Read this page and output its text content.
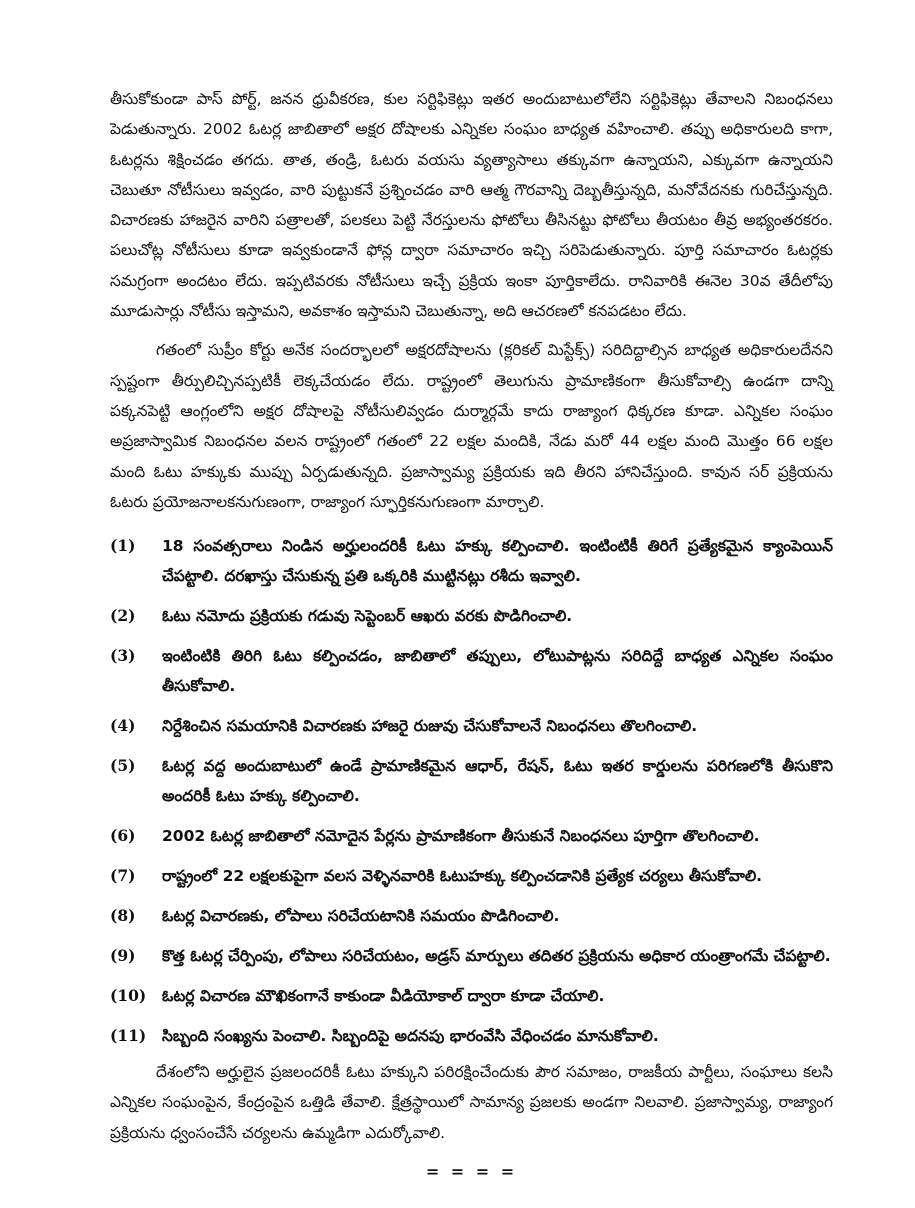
తీసుకోకుండా పాస్ పోర్ట్, జనన ధ్రువీకరణ, కుల సర్టిఫికెట్లు ఇతర అందుబాటులోలేని సర్టిఫికెట్లు తేవాలని నిబంధనలు పెడుతున్నారు. 2002 ఓటర్ల జాబితాలో అక్షర దోషాలకు ఎన్నికల సంఘం బాధ్యత వహించాలి. తప్పు అధికారులది కాగా, ఓటర్లను శిక్షించడం తగదు. తాత, తండ్రి, ఓటరు వయసు వ్యత్యాసాలు తక్కువగా ఉన్నాయని, ఎక్కువగా ఉన్నాయని చెబుతూ నోటీసులు ఇవ్వడం, వారి పుట్టుకనే ప్రశ్నించడం వారి ఆత్మ గౌరవాన్ని దెబ్బతీస్తున్నది, మనోవేదనకు గురిచేస్తున్నది. విచారణకు హాజరైన వారిని పత్రాలతో, పలకలు పెట్టి నేరస్తులను ఫోటోలు తీసినట్టు ఫోటోలు తీయటం తీవ్ర అభ్యంతరకరం. పలుచోట్ల నోటీసులు కూడా ఇవ్వకుండానే ఫోన్ల ద్వారా సమాచారం ఇచ్చి సరిపెడుతున్నారు. పూర్తి సమాచారం ఓటర్లకు సమగ్రంగా అందటం లేదు. ఇప్పటివరకు నోటీసులు ఇచ్చే ప్రక్రియ ఇంకా పూర్తికాలేదు. రానివారికి ఈనెల 30వ తేదీలోపు మూడుసార్లు నోటీసు ఇస్తామని, అవకాశం ఇస్తామని చెబుతున్నా, అది ఆచరణలో కనపడటం లేదు.

గతంలో సుప్రీం కోర్టు అనేక సందర్భాలలో అక్షరదోషాలను (క్లరికల్ మిస్టేక్స్) సరిదిద్దాల్సిన బాధ్యత అధికారులదేనని స్పష్టంగా తీర్పులిచ్చినప్పటికీ లెక్కచేయడం లేదు. రాష్ట్రంలో తెలుగును ప్రామాణికంగా తీసుకోవాల్సి ఉండగా దాన్ని పక్కనపెట్టి ఆంగ్లంలోని అక్షర దోషాలపై నోటీసులివ్వడం దుర్మార్గమే కాదు రాజ్యాంగ ధిక్కరణ కూడా. ఎన్నికల సంఘం అప్రజాస్వామిక నిబంధనల వలన రాష్ట్రంలో గతంలో 22 లక్షల మందికి, నేడు మరో 44 లక్షల మంది మొత్తం 66 లక్షల మంది ఓటు హక్కుకు ముప్పు ఏర్పడుతున్నది. ప్రజాస్వామ్య ప్రక్రియకు ఇది తీరని హానిచేస్తుంది. కావున సర్ ప్రక్రియను ఓటరు ప్రయోజనాలకనుగుణంగా, రాజ్యాంగ స్ఫూర్తికనుగుణంగా మార్చాలి.

(1)	18 సంవత్సరాలు నిండిన అర్హులందరికీ ఓటు హక్కు కల్పించాలి. ఇంటింటికీ తిరిగే ప్రత్యేకమైన క్యాంపెయిన్ చేపట్టాలి. దరఖాస్తు చేసుకున్న ప్రతి ఒక్కరికి ముట్టినట్లు రశీదు ఇవ్వాలి.
(2)	ఓటు నమోదు ప్రక్రియకు గడువు సెప్టెంబర్ ఆఖరు వరకు పొడిగించాలి.
(3)	ఇంటింటికి తిరిగి ఓటు కల్పించడం, జాబితాలో తప్పులు, లోటుపాట్లను సరిదిద్దే బాధ్యత ఎన్నికల సంఘం తీసుకోవాలి.
(4)	నిర్దేశించిన సమయానికి విచారణకు హాజరై రుజువు చేసుకోవాలనే నిబంధనలు తొలగించాలి.
(5)	ఓటర్ల వద్ద అందుబాటులో ఉండే ప్రామాణికమైన ఆధార్, రేషన్, ఓటు ఇతర కార్డులను పరిగణలోకి తీసుకొని అందరికీ ఓటు హక్కు కల్పించాలి.
(6)	2002 ఓటర్ల జాబితాలో నమోదైన పేర్లను ప్రామాణికంగా తీసుకునే నిబంధనలు పూర్తిగా తొలగించాలి.
(7)	రాష్ట్రంలో 22 లక్షలకుపైగా వలస వెళ్ళినవారికి ఓటుహక్కు కల్పించడానికి ప్రత్యేక చర్యలు తీసుకోవాలి.
(8)	ఓటర్ల విచారణకు, లోపాలు సరిచేయటానికి సమయం పొడిగించాలి.
(9)	కొత్త ఓటర్ల చేర్పింపు, లోపాలు సరిచేయటం, అడ్రస్ మార్పులు తదితర ప్రక్రియను అధికార యంత్రాంగమే చేపట్టాలి.
(10)	ఓటర్ల విచారణ మౌఖికంగానే కాకుండా వీడియోకాల్ ద్వారా కూడా చేయాలి.
(11)	సిబ్బంది సంఖ్యను పెంచాలి. సిబ్బందిపై అదనపు భారంవేసి వేధించడం మానుకోవాలి.

దేశంలోని అర్హులైన ప్రజలందరికీ ఓటు హక్కుని పరిరక్షించేందుకు పౌర సమాజం, రాజకీయ పార్టీలు, సంఘాలు కలసి ఎన్నికల సంఘంపైన, కేంద్రంపైన ఒత్తిడి తేవాలి. క్షేత్రస్థాయిలో సామాన్య ప్రజలకు అండగా నిలవాలి. ప్రజాస్వామ్య, రాజ్యాంగ ప్రక్రియను ధ్వంసంచేసే చర్యలను ఉమ్మడిగా ఎదుర్కోవాలి.

= = = =
